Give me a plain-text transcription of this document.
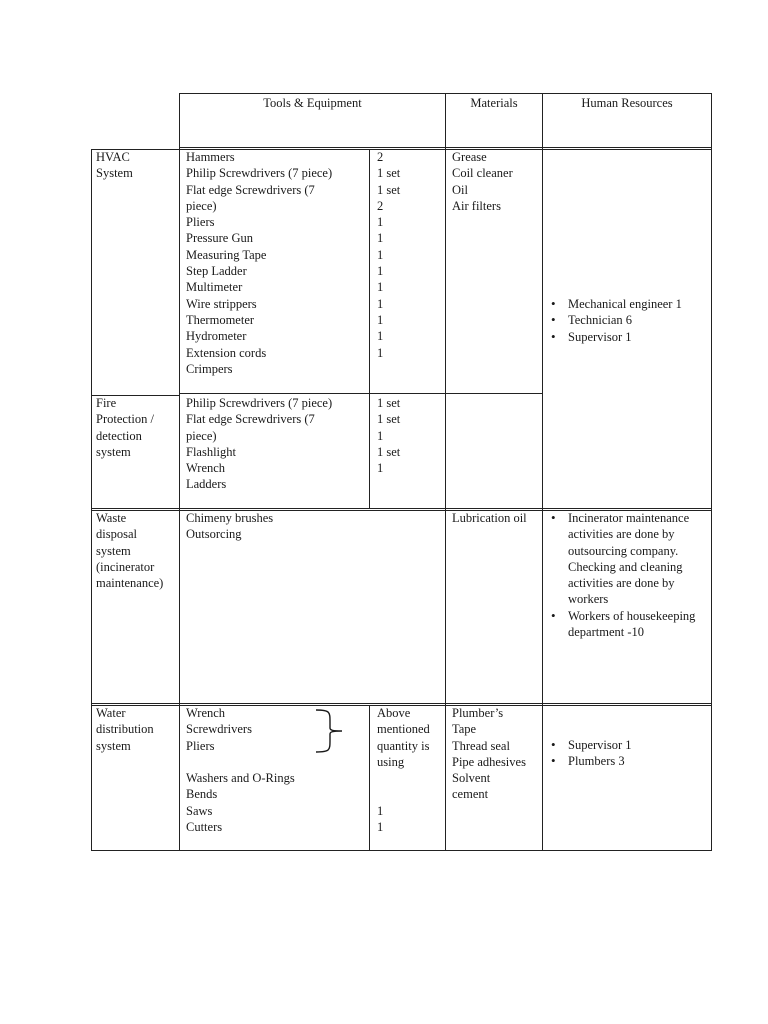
Tools & Equipment	Materials	Human Resources
HVAC
System
Hammers
Philip Screwdrivers (7 piece)
Flat edge Screwdrivers (7
piece)
Pliers
Pressure Gun
Measuring Tape
Step Ladder
Multimeter
Wire strippers
Thermometer
Hydrometer
Extension cords
Crimpers
2
1 set
1 set
2
1
1
1
1
1
1
1
1
1
Grease
Coil cleaner
Oil
Air filters
• Mechanical engineer 1
• Technician 6
• Supervisor 1
Fire
Protection /
detection
system
Philip Screwdrivers (7 piece)
Flat edge Screwdrivers (7
piece)
Flashlight
Wrench
Ladders
1 set
1 set
1
1 set
1
Waste
disposal
system
(incinerator
maintenance)
Chimeny brushes
Outsorcing
Lubrication oil
•	Incinerator maintenance activities are done by outsourcing company. Checking and cleaning activities are done by workers
• Workers of housekeeping department -10
Water
distribution
system
Wrench
Screwdrivers
Pliers
Washers and O-Rings
Bends
Saws
Cutters
Above
mentioned
quantity is
using
1
1
Plumber’s
Tape
Thread seal
Pipe adhesives
Solvent
cement
• Supervisor 1
• Plumbers 3
